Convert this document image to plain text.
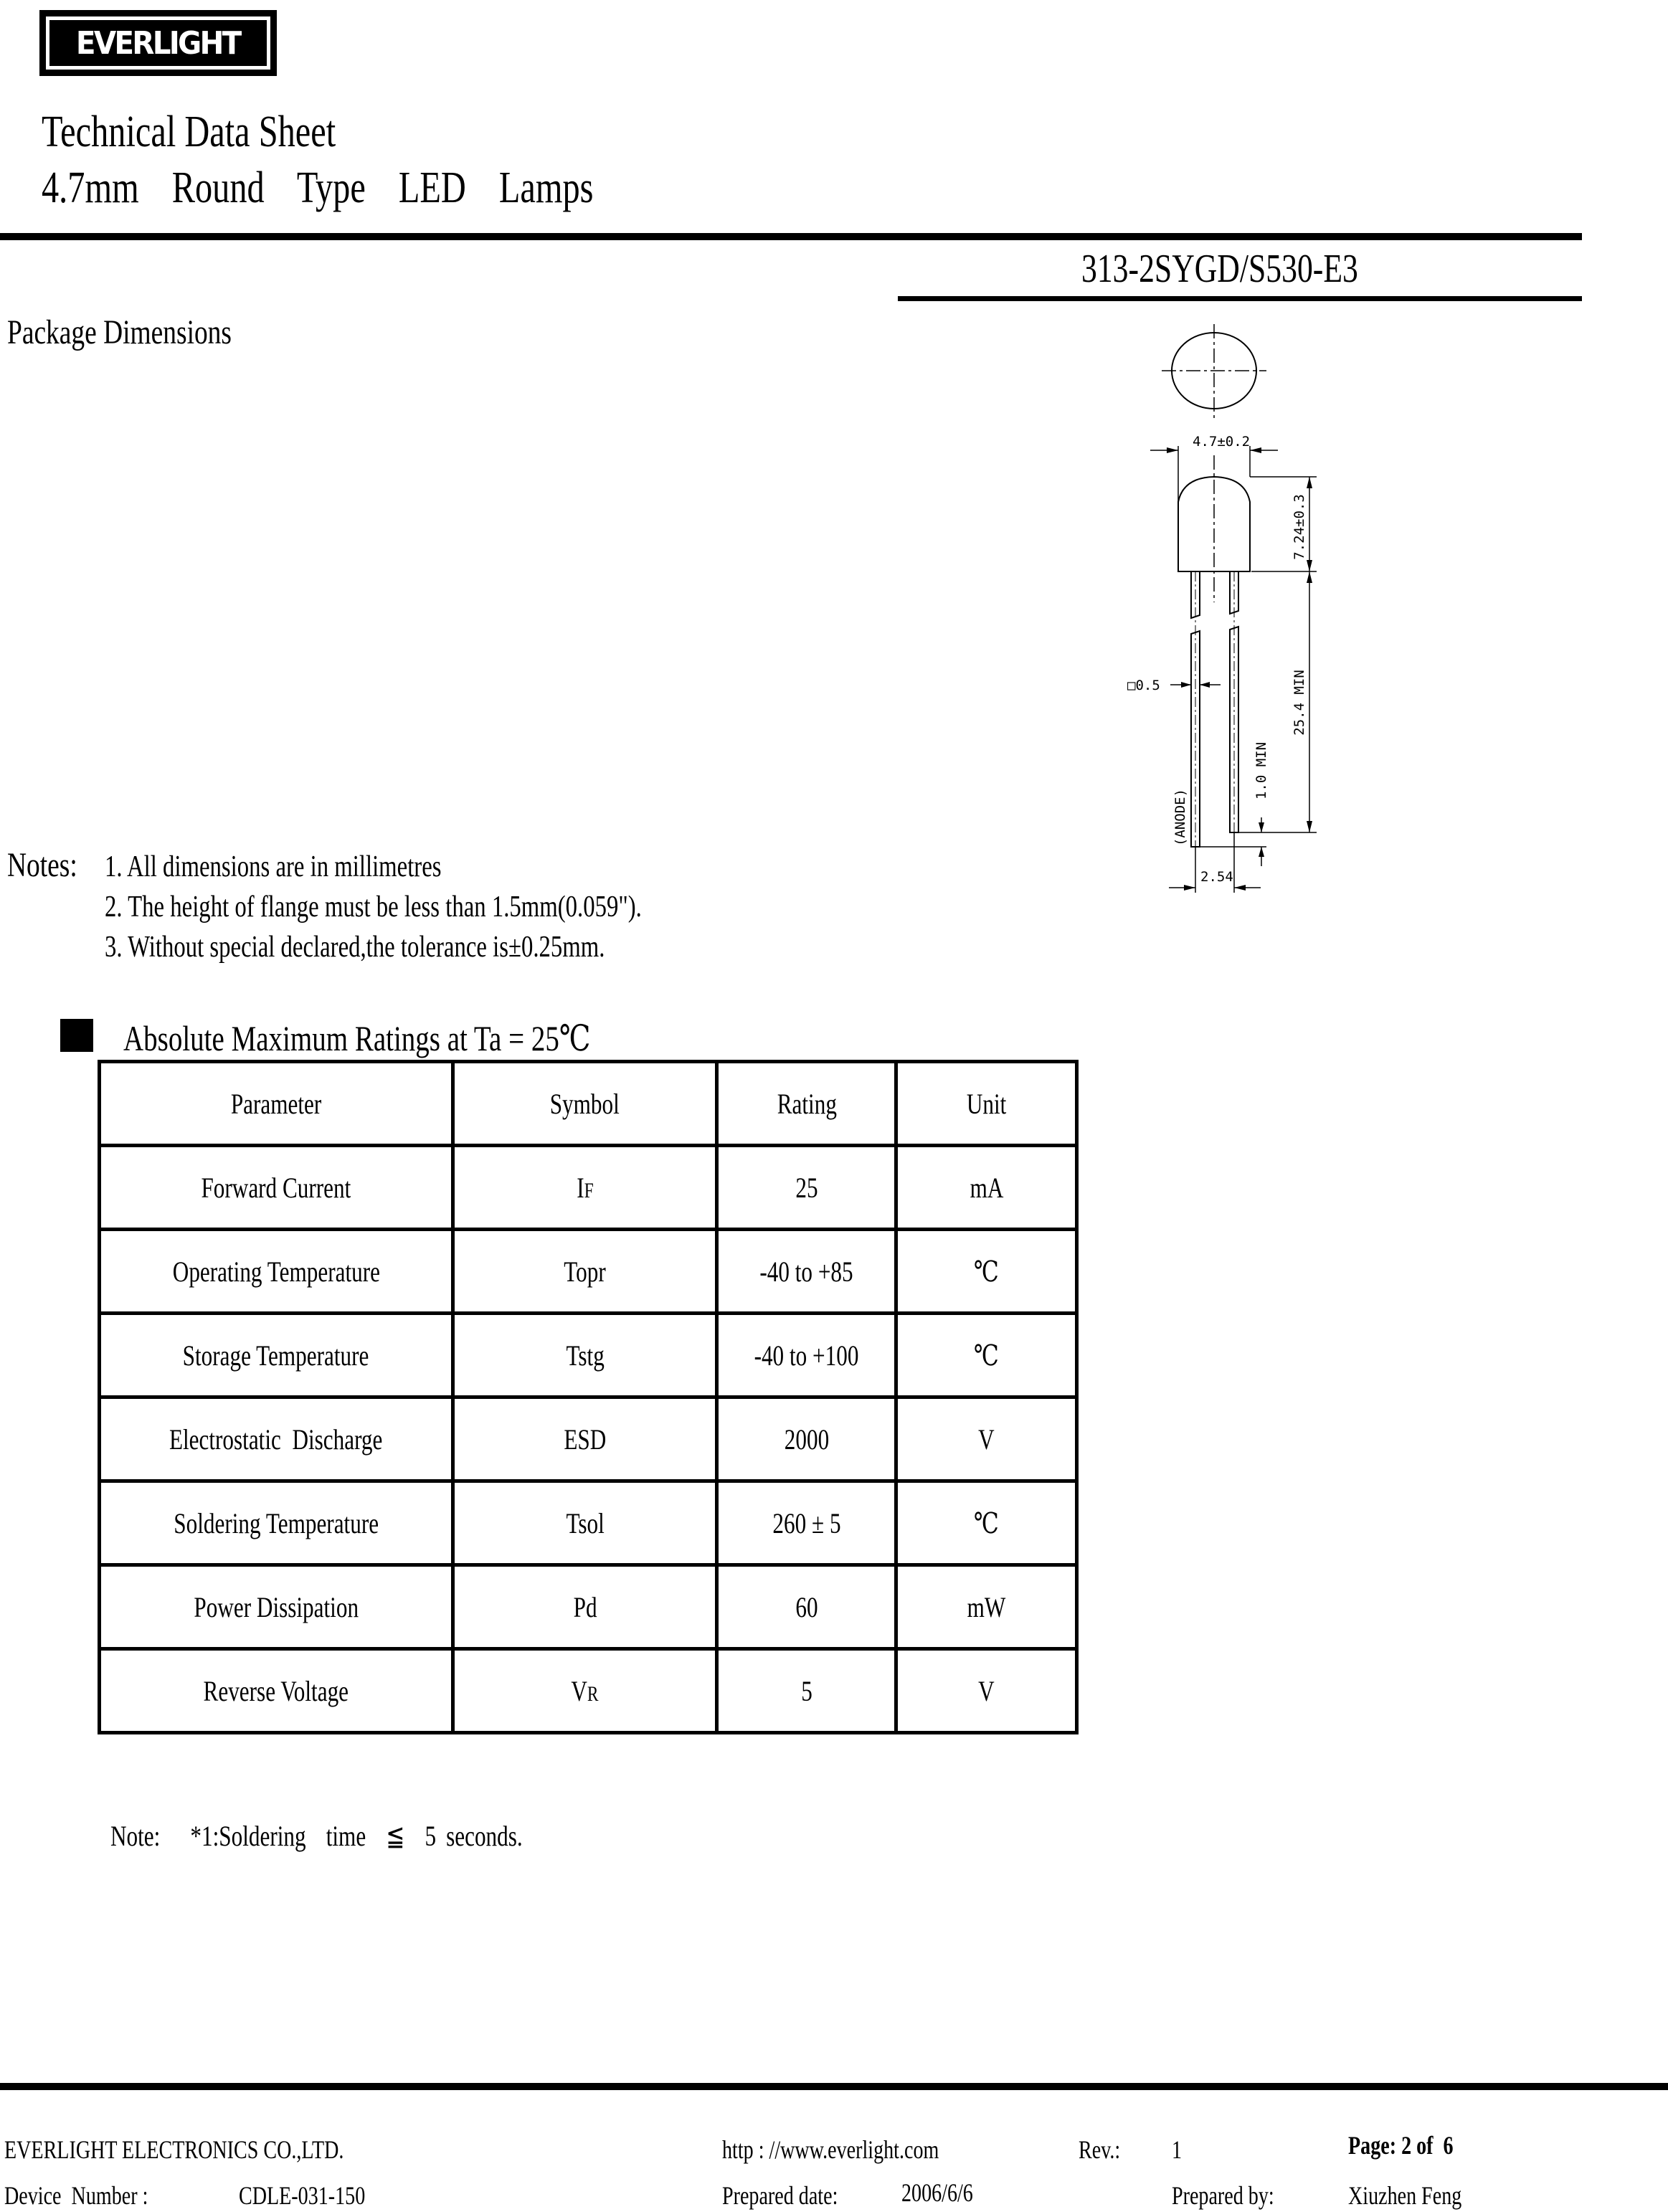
EVERLIGHT
Technical Data Sheet
4.7mm  Round  Type  LED  Lamps
313-2SYGD/S530-E3
Package Dimensions
4.7±0.2
7.24±0.3
25.4 MIN
1.0 MIN
□0.5
(ANODE)
2.54
Notes: 1. All dimensions are in millimetres
2. The height of flange must be less than 1.5mm(0.059").
3. Without special declared,the tolerance is±0.25mm.
Absolute Maximum Ratings at Ta = 25℃
Parameter	Symbol	Rating	Unit
Forward Current	IF	25	mA
Operating Temperature	Topr	-40 to +85	℃
Storage Temperature	Tstg	-40 to +100	℃
Electrostatic  Discharge	ESD	2000	V
Soldering Temperature	Tsol	260 ± 5	℃
Power Dissipation	Pd	60	mW
Reverse Voltage	VR	5	V
Note:   *1:Soldering  time  ≦  5 seconds.
EVERLIGHT ELECTRONICS CO.,LTD.	http : //www.everlight.com	Rev.:	1	Page: 2 of  6
Device  Number :	CDLE-031-150	Prepared date:	2006/6/6	Prepared by:	Xiuzhen Feng
